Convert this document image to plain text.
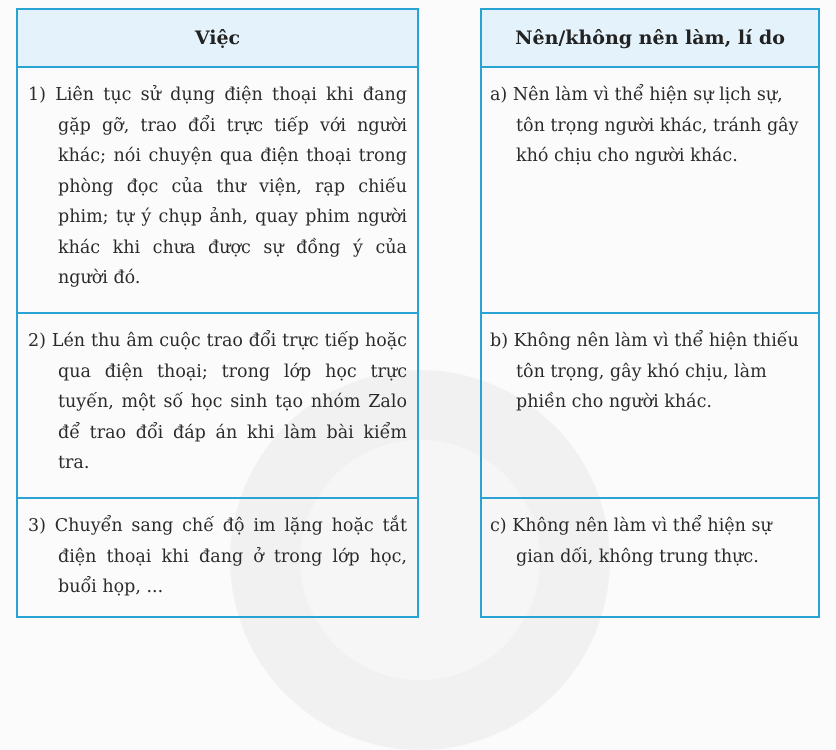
Việc
1) Liên tục sử dụng điện thoại khi đang gặp gỡ, trao đổi trực tiếp với người khác; nói chuyện qua điện thoại trong phòng đọc của thư viện, rạp chiếu phim; tự ý chụp ảnh, quay phim người khác khi chưa được sự đồng ý của người đó.
2) Lén thu âm cuộc trao đổi trực tiếp hoặc qua điện thoại; trong lớp học trực tuyến, một số học sinh tạo nhóm Zalo để trao đổi đáp án khi làm bài kiểm tra.
3) Chuyển sang chế độ im lặng hoặc tắt điện thoại khi đang ở trong lớp học, buổi họp, ...
Nên/không nên làm, lí do
a) Nên làm vì thể hiện sự lịch sự, tôn trọng người khác, tránh gây khó chịu cho người khác.
b) Không nên làm vì thể hiện thiếu tôn trọng, gây khó chịu, làm phiền cho người khác.
c) Không nên làm vì thể hiện sự gian dối, không trung thực.
